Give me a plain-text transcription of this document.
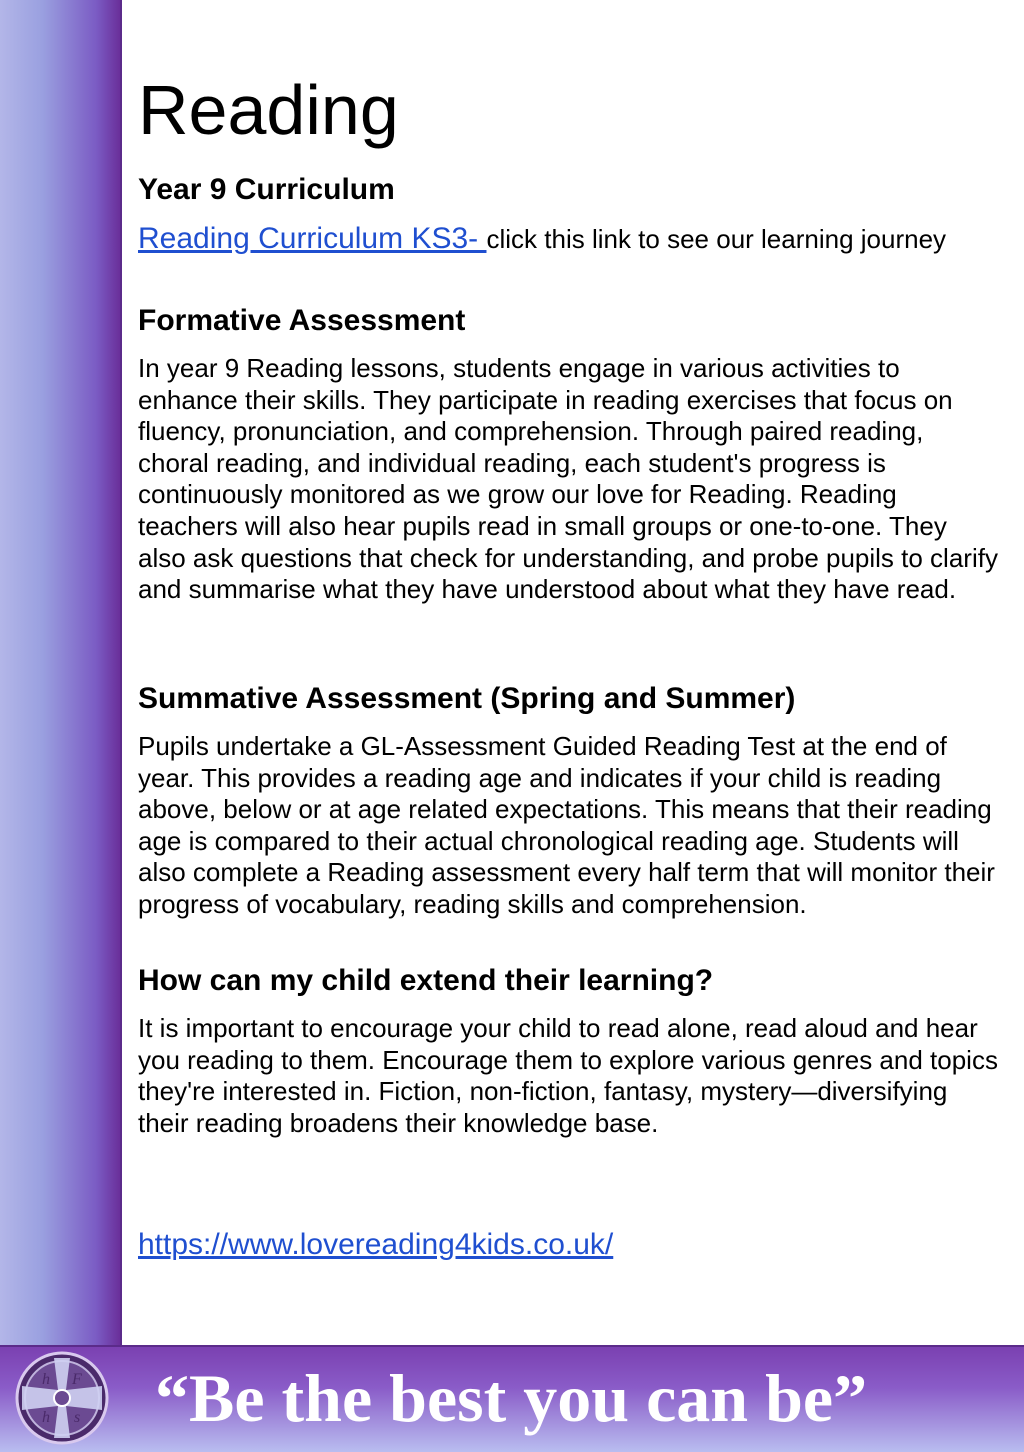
Reading
Year 9 Curriculum

Reading Curriculum KS3- click this link to see our learning journey

Formative Assessment

In year 9 Reading lessons, students engage in various activities to enhance their skills. They participate in reading exercises that focus on fluency, pronunciation, and comprehension. Through paired reading, choral reading, and individual reading, each student's progress is continuously monitored as we grow our love for Reading. Reading teachers will also hear pupils read in small groups or one-to-one. They also ask questions that check for understanding, and probe pupils to clarify and summarise what they have understood about what they have read.

Summative Assessment (Spring and Summer)

Pupils undertake a GL-Assessment Guided Reading Test at the end of year. This provides a reading age and indicates if your child is reading above, below or at age related expectations. This means that their reading age is compared to their actual chronological reading age. Students will also complete a Reading assessment every half term that will monitor their progress of vocabulary, reading skills and comprehension.

How can my child extend their learning?

It is important to encourage your child to read alone, read aloud and hear you reading to them. Encourage them to explore various genres and topics they're interested in. Fiction, non-fiction, fantasy, mystery—diversifying their reading broadens their knowledge base.

https://www.lovereading4kids.co.uk/

h F
h s “Be the best you can be”
